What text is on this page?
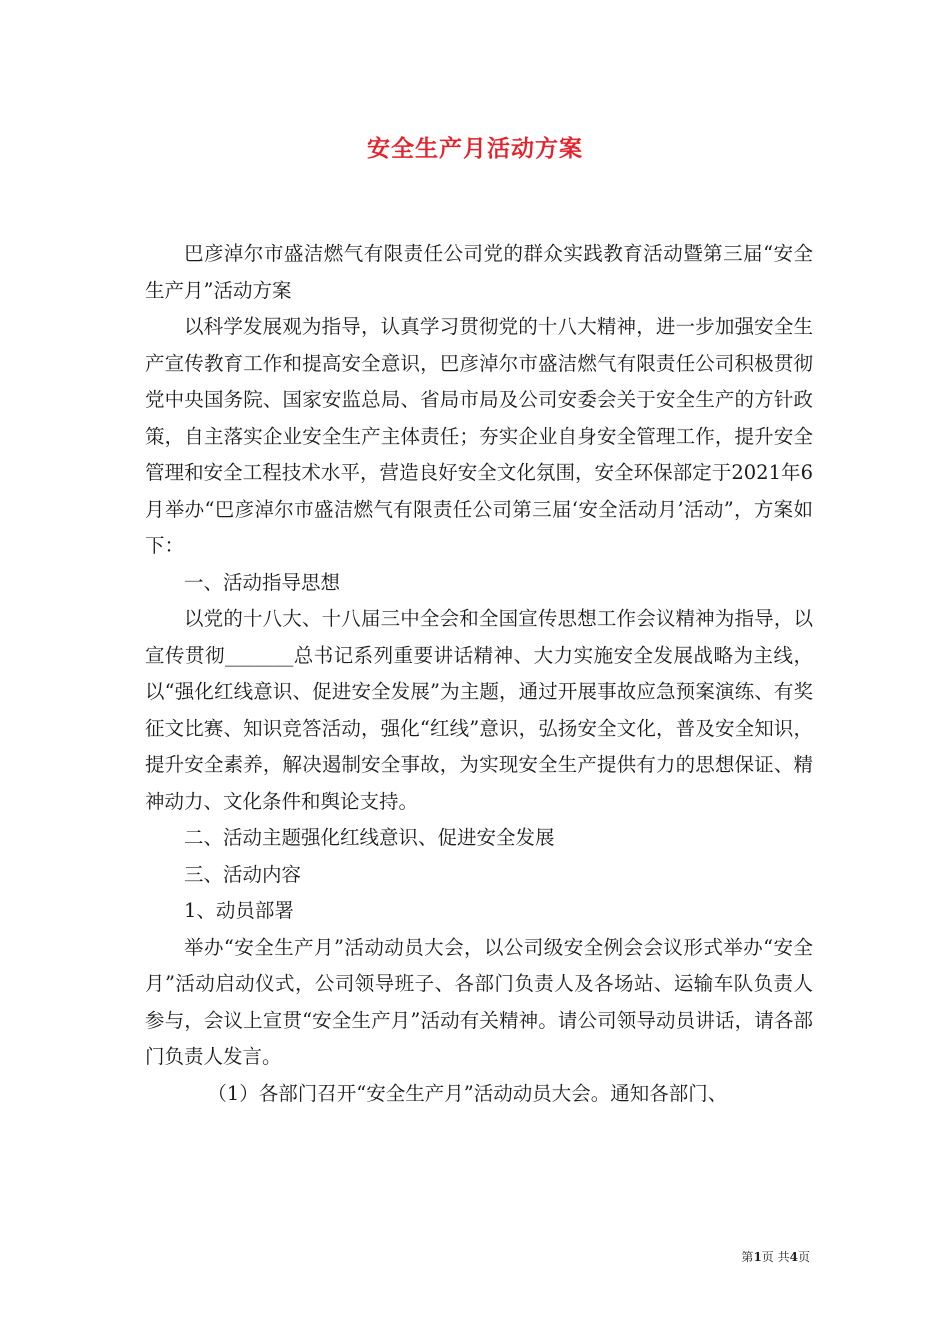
安全生产月活动方案

巴彦淖尔市盛洁燃气有限责任公司党的群众实践教育活动暨第三届“安全生产月”活动方案

以科学发展观为指导，认真学习贯彻党的十八大精神，进一步加强安全生产宣传教育工作和提高安全意识，巴彦淖尔市盛洁燃气有限责任公司积极贯彻党中央国务院、国家安监总局、省局市局及公司安委会关于安全生产的方针政策，自主落实企业安全生产主体责任；夯实企业自身安全管理工作，提升安全管理和安全工程技术水平，营造良好安全文化氛围，安全环保部定于2021年6月举办“巴彦淖尔市盛洁燃气有限责任公司第三届‘安全活动月’活动”，方案如下：

一、活动指导思想

以党的十八大、十八届三中全会和全国宣传思想工作会议精神为指导，以宣传贯彻_______总书记系列重要讲话精神、大力实施安全发展战略为主线，以“强化红线意识、促进安全发展”为主题，通过开展事故应急预案演练、有奖征文比赛、知识竞答活动，强化“红线”意识，弘扬安全文化，普及安全知识，提升安全素养，解决遏制安全事故，为实现安全生产提供有力的思想保证、精神动力、文化条件和舆论支持。

二、活动主题强化红线意识、促进安全发展

三、活动内容

1、动员部署

举办“安全生产月”活动动员大会，以公司级安全例会会议形式举办“安全月”活动启动仪式，公司领导班子、各部门负责人及各场站、运输车队负责人参与，会议上宣贯“安全生产月”活动有关精神。请公司领导动员讲话，请各部门负责人发言。

（1）各部门召开“安全生产月”活动动员大会。通知各部门、

第1页 共4页
